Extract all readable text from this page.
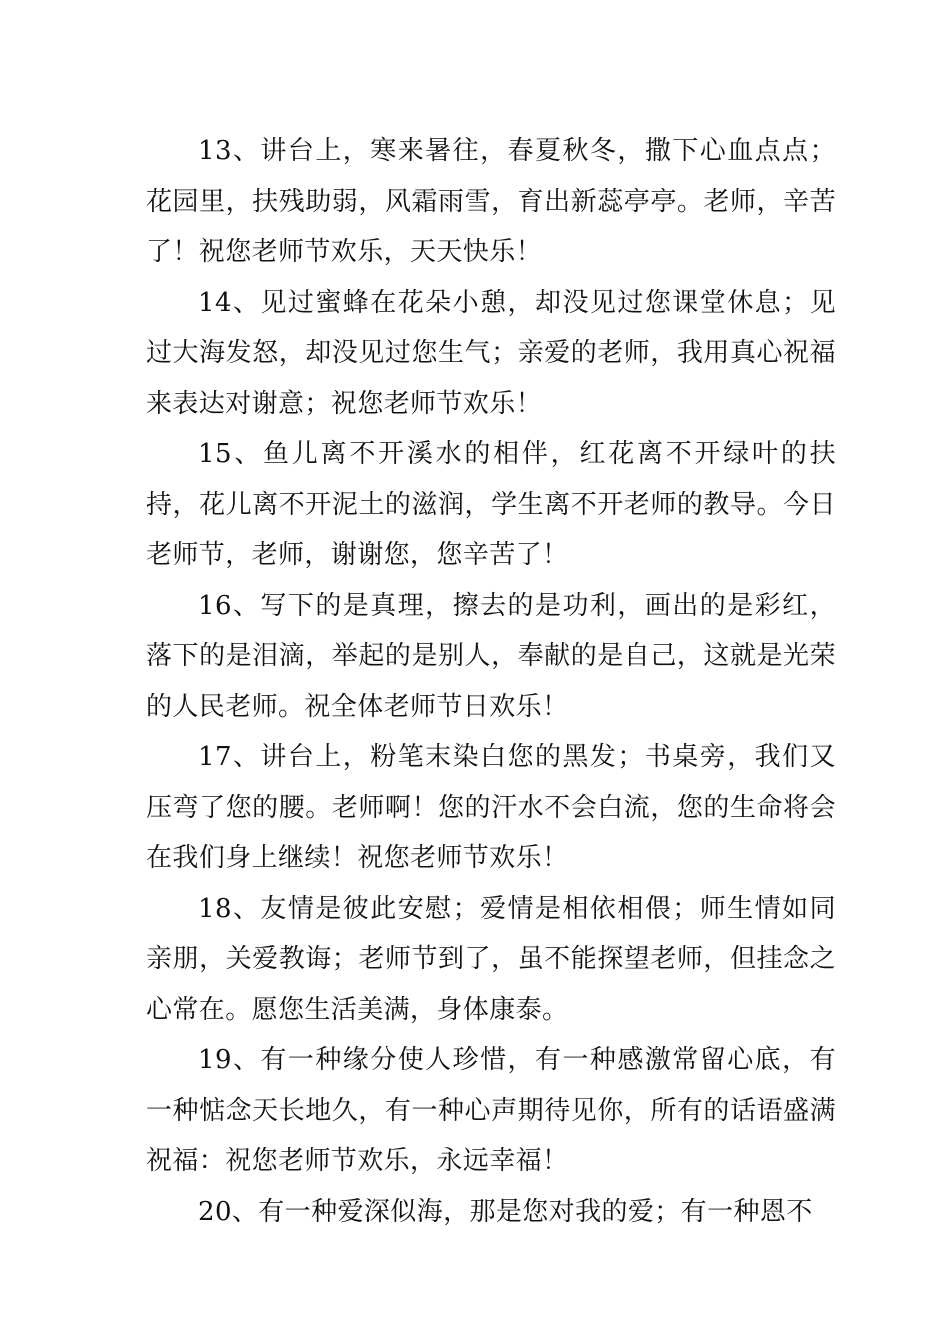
13、讲台上，寒来暑往，春夏秋冬，撒下心血点点；花园里，扶残助弱，风霜雨雪，育出新蕊亭亭。老师，辛苦了！祝您老师节欢乐，天天快乐！

14、见过蜜蜂在花朵小憩，却没见过您课堂休息；见过大海发怒，却没见过您生气；亲爱的老师，我用真心祝福来表达对谢意；祝您老师节欢乐！

15、鱼儿离不开溪水的相伴，红花离不开绿叶的扶持，花儿离不开泥土的滋润，学生离不开老师的教导。今日老师节，老师，谢谢您，您辛苦了！

16、写下的是真理，擦去的是功利，画出的是彩红，落下的是泪滴，举起的是别人，奉献的是自己，这就是光荣的人民老师。祝全体老师节日欢乐！

17、讲台上，粉笔末染白您的黑发；书桌旁，我们又压弯了您的腰。老师啊！您的汗水不会白流，您的生命将会在我们身上继续！祝您老师节欢乐！

18、友情是彼此安慰；爱情是相依相偎；师生情如同亲朋，关爱教诲；老师节到了，虽不能探望老师，但挂念之心常在。愿您生活美满，身体康泰。

19、有一种缘分使人珍惜，有一种感激常留心底，有一种惦念天长地久，有一种心声期待见你，所有的话语盛满祝福：祝您老师节欢乐，永远幸福！

20、有一种爱深似海，那是您对我的爱；有一种恩不
